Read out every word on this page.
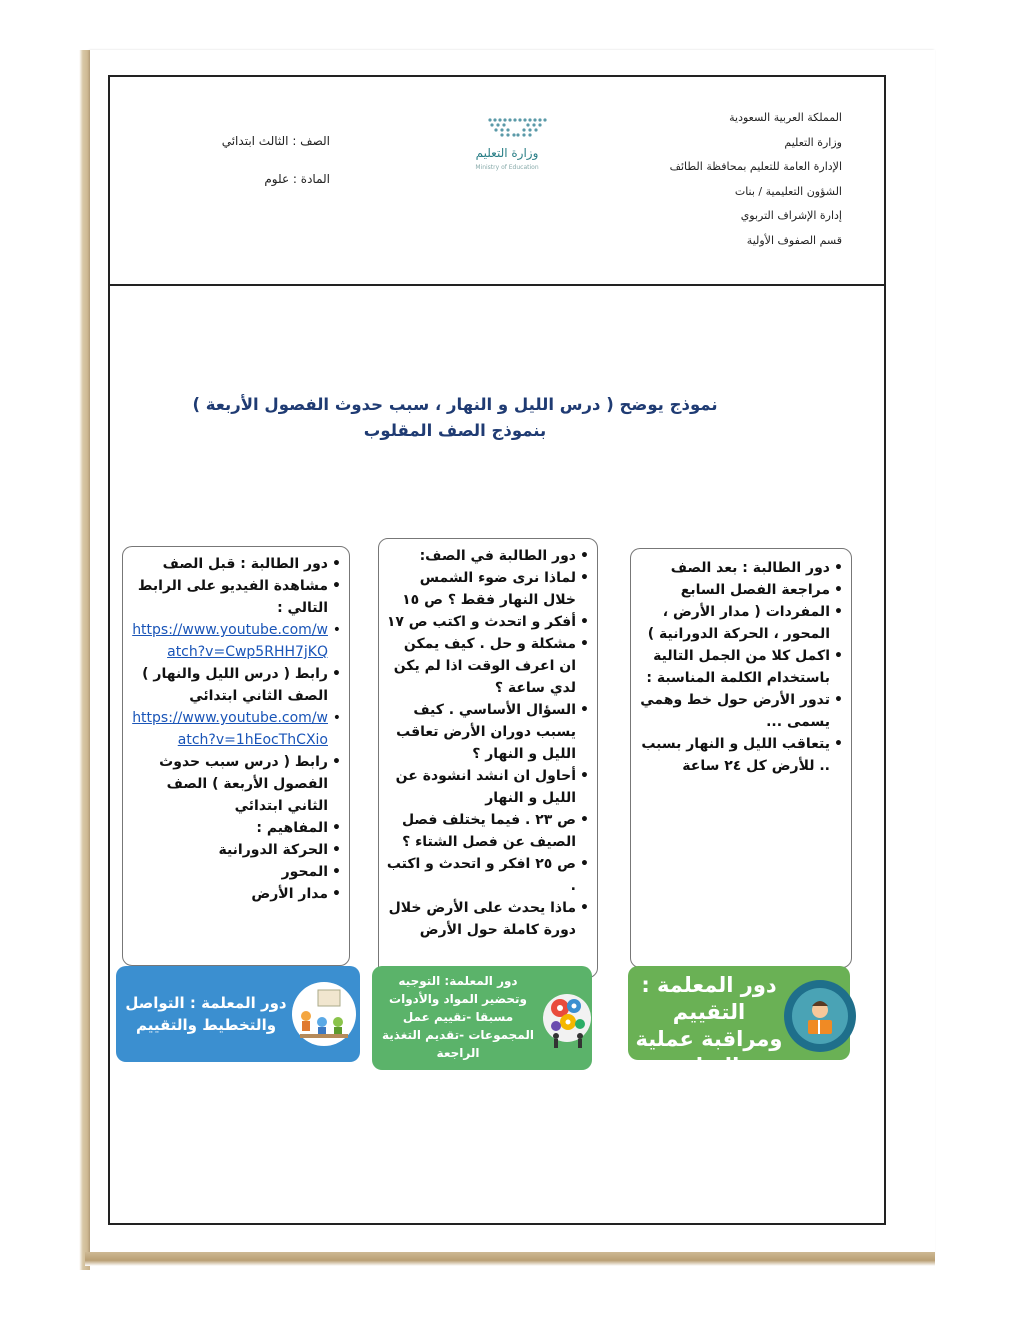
المملكة العربية السعودية
وزارة التعليم
الإدارة العامة للتعليم بمحافظة الطائف
الشؤون التعليمية / بنات
إدارة الإشراف التربوي
قسم الصفوف الأولية
وزارة التعليم
Ministry of Education
الصف : الثالث ابتدائي
المادة : علوم
نموذج يوضح ( درس الليل و النهار ، سبب حدوث الفصول الأربعة )
بنموذج الصف المقلوب
• دور الطالبة : قبل الصف
• مشاهدة الفيديو على الرابط التالي :
• https://www.youtube.com/watch?v=Cwp5RHH7jKQ
• رابط ( درس الليل والنهار ) الصف الثاني ابتدائي
• https://www.youtube.com/watch?v=1hEocThCXio
• رابط ( درس سبب حدوث الفصول الأربعة ) الصف الثاني ابتدائي
• المفاهيم :
• الحركة الدورانية
• المحور
• مدار الأرض
• دور الطالبة في الصف:
• لماذا نرى ضوء الشمس خلال النهار فقط ؟ ص ١٥
• أفكر و اتحدث و اكتب ص ١٧
• مشكلة و حل . كيف يمكن ان اعرف الوقت اذا لم يكن لدي ساعة ؟
• السؤال الأساسي . كيف يسبب دوران الأرض تعاقب الليل و النهار ؟
• أحاول ان انشد انشودة عن الليل و النهار
• ص ٢٣ . فيما يختلف فصل الصيف عن فصل الشتاء ؟
• ص ٢٥ افكر و اتحدث و اكتب .
• ماذا يحدث على الأرض خلال دورة كاملة حول الأرض
• دور الطالبة : بعد الصف
• مراجعة الفصل السابع
• المفردات ( مدار الأرض ، المحور ، الحركة الدورانية )
• اكمل كلا من الجمل التالية باستخدام الكلمة المناسبة :
• تدور الأرض حول خط وهمي يسمى ...
• يتعاقب الليل و النهار بسبب .. للأرض كل ٢٤ ساعة
دور المعلمة : التواصل والتخطيط والتقييم
دور المعلمة: التوجيه وتحضير المواد والأدوات مسبقا -تقييم عمل المجموعات -تقديم التغذية الراجعة
دور المعلمة : التقييم ومراقبة عملية التعلم
